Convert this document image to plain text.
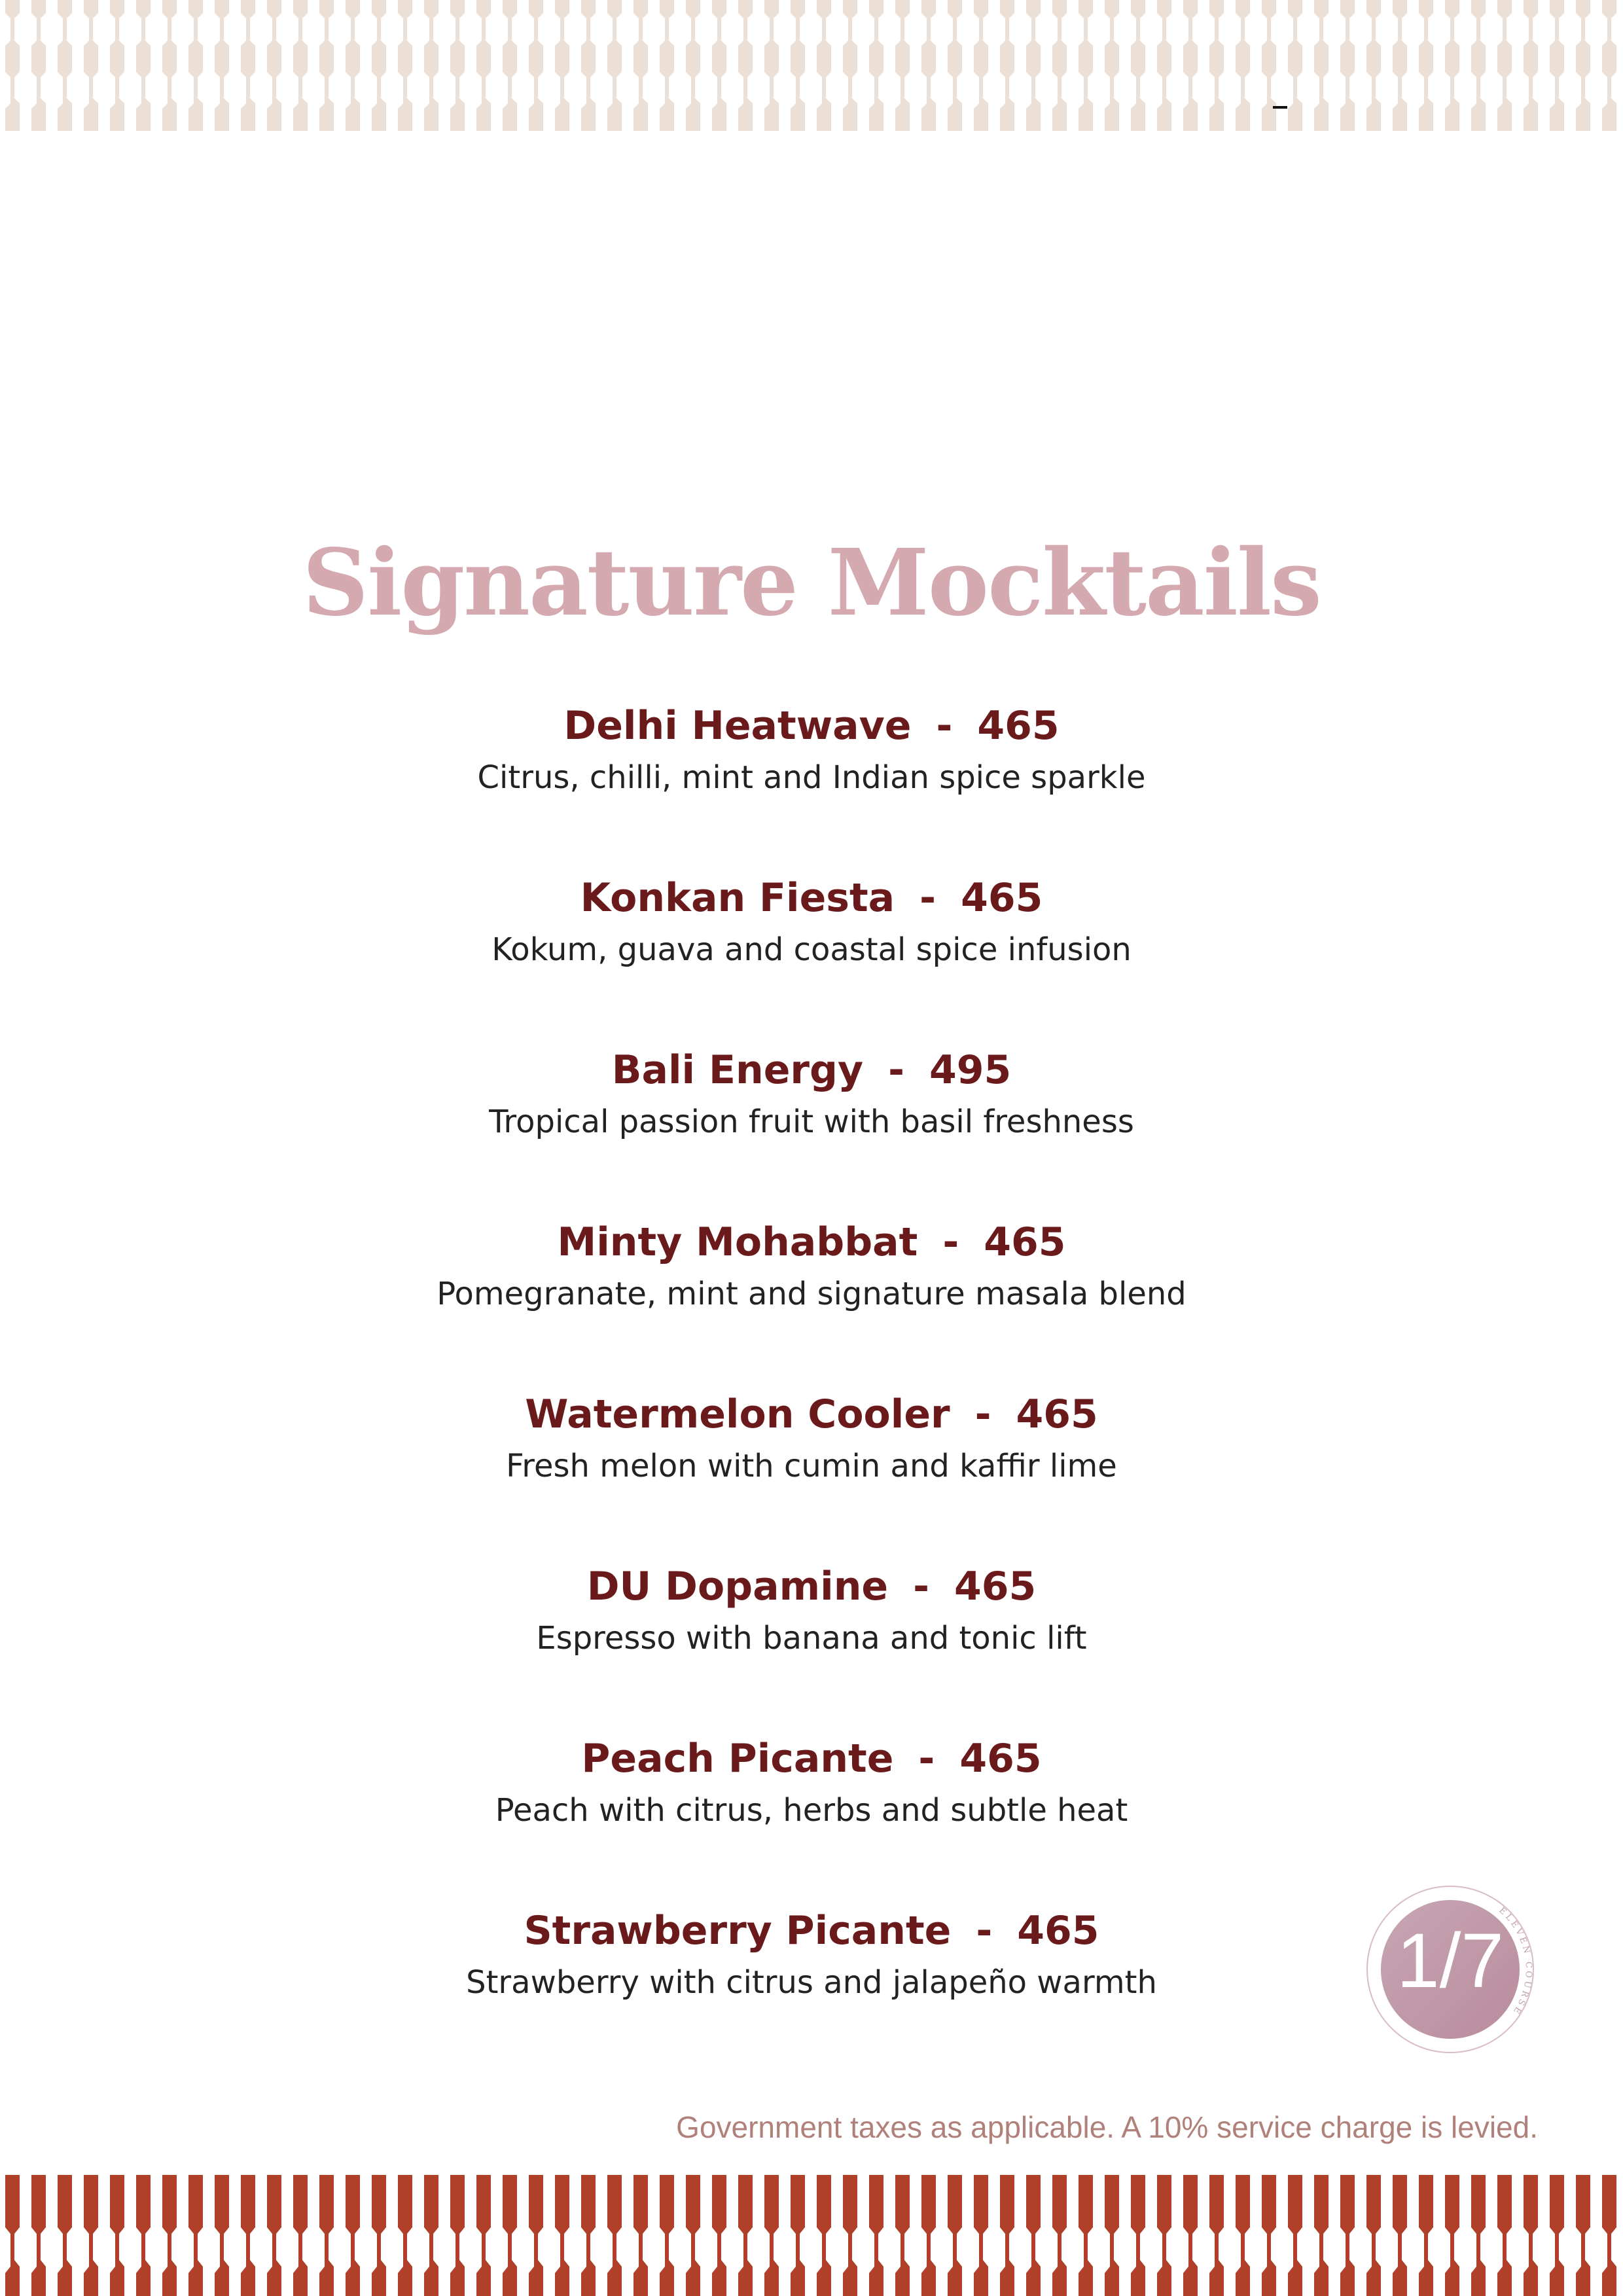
Signature Mocktails
Delhi Heatwave - 465
Citrus, chilli, mint and Indian spice sparkle
Konkan Fiesta - 465
Kokum, guava and coastal spice infusion
Bali Energy - 495
Tropical passion fruit with basil freshness
Minty Mohabbat - 465
Pomegranate, mint and signature masala blend
Watermelon Cooler - 465
Fresh melon with cumin and kaffir lime
DU Dopamine - 465
Espresso with banana and tonic lift
Peach Picante - 465
Peach with citrus, herbs and subtle heat
Strawberry Picante - 465
Strawberry with citrus and jalapeño warmth
ELEVEN COURSE
1/7
Government taxes as applicable. A 10% service charge is levied.
